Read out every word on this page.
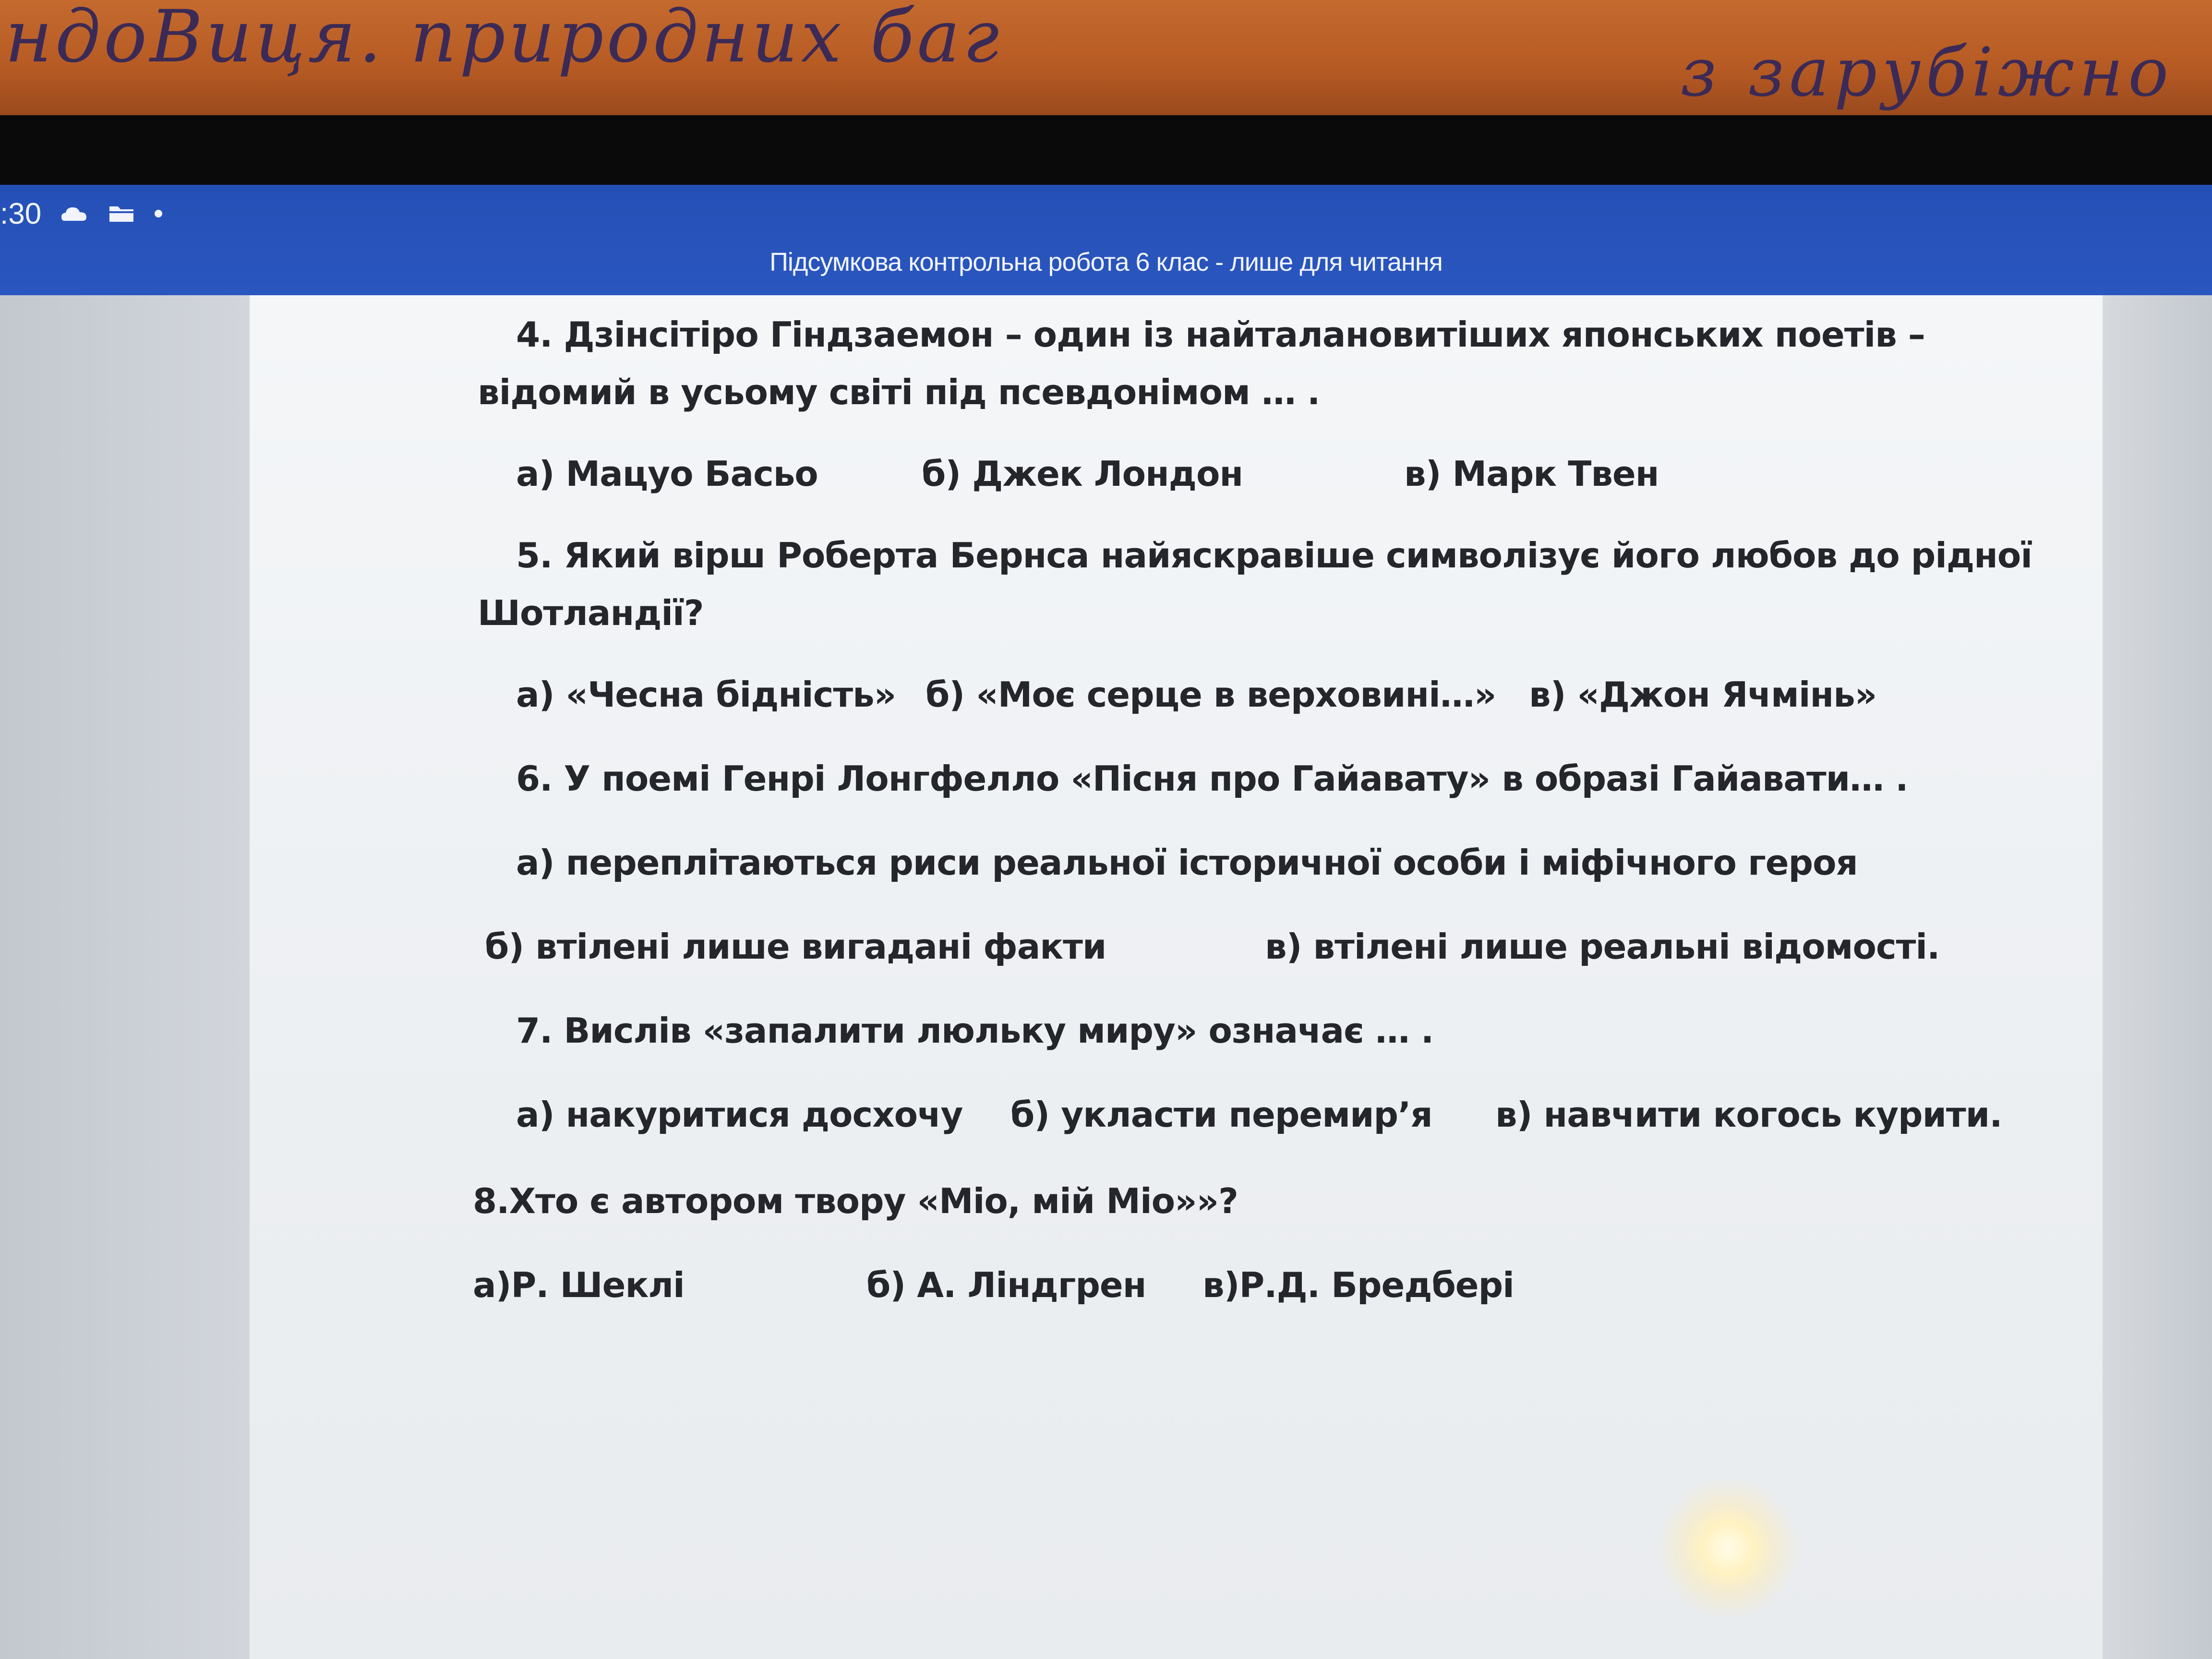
ндоВиця. природних баг	з зарубіжно
:30
Підсумкова контрольна робота 6 клас - лише для читання
4. Дзінсітіро Гіндзаемон – один із найталановитіших японських поетів –
відомий в усьому світі під псевдонімом … .
а) Мацуо Басьо	б) Джек Лондон	в) Марк Твен
5. Який вірш Роберта Бернса найяскравіше символізує його любов до рідної
Шотландії?
а) «Чесна бідність» б) «Моє серце в верховині…» в) «Джон Ячмінь»
6. У поемі Генрі Лонгфелло «Пісня про Гайавату» в образі Гайавати… .
а) переплітаються риси реальної історичної особи і міфічного героя
б) втілені лише вигадані факти	в) втілені лише реальні відомості.
7. Вислів «запалити люльку миру» означає … .
а) накуритися досхочу б) укласти перемир’я в) навчити когось курити.
8.Хто є автором твору «Міо, мій Міо»»?
а)Р. Шеклі	б) А. Ліндгрен в)Р.Д. Бредбері
